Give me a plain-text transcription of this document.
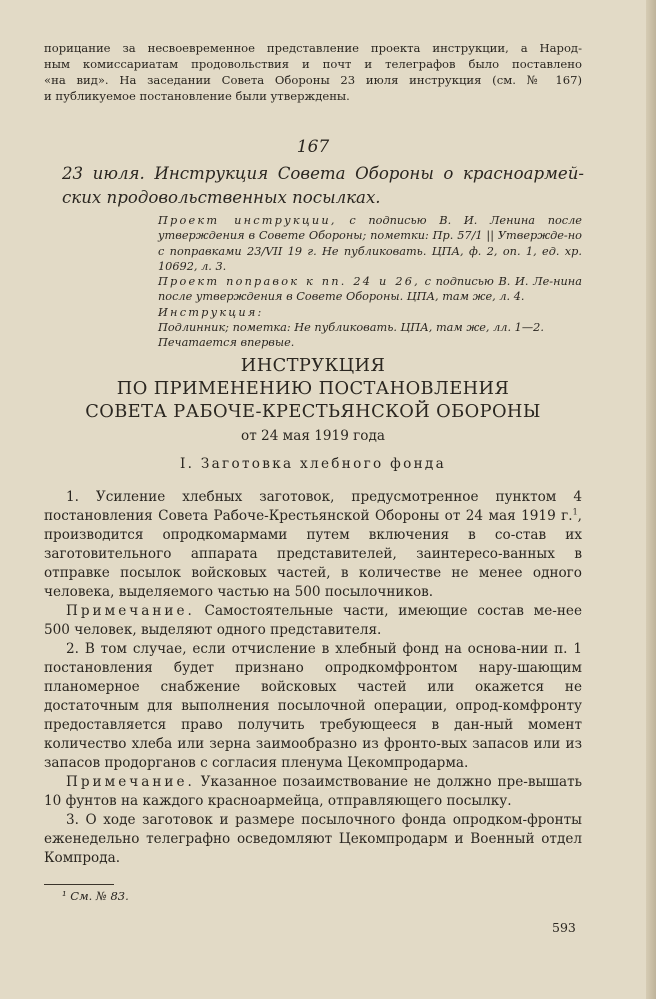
порицание за несвоевременное представление проекта инструкции, а Народ-

ным комиссариатам продовольствия и почт и телеграфов было поставлено

«на вид». На заседании Совета Обороны 23 июля инструкция (см. № 167)

и публикуемое постановление были утверждены.

167
23 июля. Инструкция Совета Обороны о красноармей-ских продовольственных посылках.

Проект инструкции, с подписью В. И. Ленина после утверждения в Совете Обороны; пометки: Пр. 57/1 || Утвержде-но с поправками 23/VII 19 г. Не публиковать. ЦПА, ф. 2, оп. 1, ед. хр. 10692, л. 3.

Проект поправок к пп. 24 и 26, с подписью В. И. Ле-нина после утверждения в Совете Обороны. ЦПА, там же, л. 4.

Инструкция:

Подлинник; пометка: Не публиковать. ЦПА, там же, лл. 1—2.

Печатается впервые.

ИНСТРУКЦИЯ
ПО ПРИМЕНЕНИЮ ПОСТАНОВЛЕНИЯ
СОВЕТА РАБОЧЕ-КРЕСТЬЯНСКОЙ ОБОРОНЫ
от 24 мая 1919 года
I. Заготовка хлебного фонда

1. Усиление хлебных заготовок, предусмотренное пунктом 4 постановления Совета Рабоче-Крестьянской Обороны от 24 мая 1919 г.$^1$, производится опродкомармами путем включения в со-став их заготовительного аппарата представителей, заинтересо-ванных в отправке посылок войсковых частей, в количестве не менее одного человека, выделяемого частью на 500 посылочников.

Примечание. Самостоятельные части, имеющие состав ме-нее 500 человек, выделяют одного представителя.

2. В том случае, если отчисление в хлебный фонд на основа-нии п. 1 постановления будет признано опродкомфронтом нару-шающим планомерное снабжение войсковых частей или окажется не достаточным для выполнения посылочной операции, опрод-комфронту предоставляется право получить требующееся в дан-ный момент количество хлеба или зерна заимообразно из фронто-вых запасов или из запасов продорганов с согласия пленума Цекомпродарма.

Примечание. Указанное позаимствование не должно пре-вышать 10 фунтов на каждого красноармейца, отправляющего посылку.

3. О ходе заготовок и размере посылочного фонда опродком-фронты еженедельно телеграфно осведомляют Цекомпродарм и Военный отдел Компрода.

¹ См. № 83.
593
